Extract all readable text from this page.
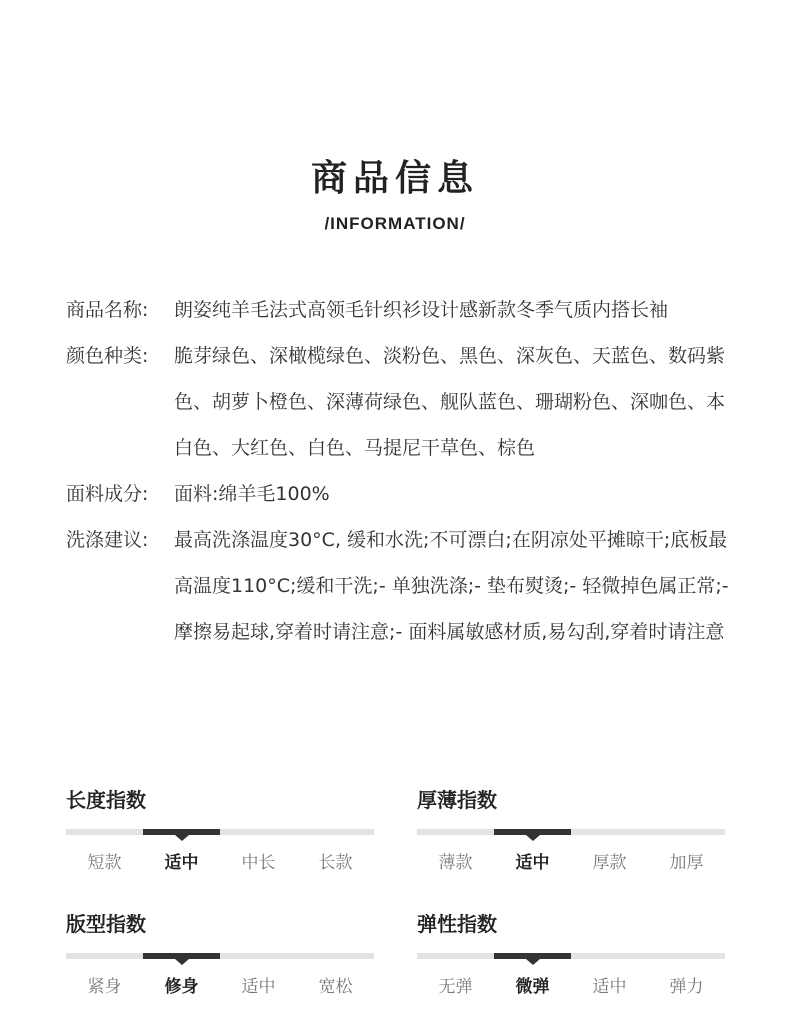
商品信息
/INFORMATION/
商品名称:	朗姿纯羊毛法式高领毛针织衫设计感新款冬季气质内搭长袖
颜色种类:	脆芽绿色、深橄榄绿色、淡粉色、黑色、深灰色、天蓝色、数码紫色、胡萝卜橙色、深薄荷绿色、舰队蓝色、珊瑚粉色、深咖色、本白色、大红色、白色、马提尼干草色、棕色
面料成分:	面料:绵羊毛100%
洗涤建议:	最高洗涤温度30°C, 缓和水洗;不可漂白;在阴凉处平摊晾干;底板最高温度110°C;缓和干洗;- 单独洗涤;- 垫布熨烫;- 轻微掉色属正常;- 摩擦易起球,穿着时请注意;- 面料属敏感材质,易勾刮,穿着时请注意
长度指数
短款	适中	中长	长款
厚薄指数
薄款	适中	厚款	加厚
版型指数
紧身	修身	适中	宽松
弹性指数
无弹	微弹	适中	弹力
